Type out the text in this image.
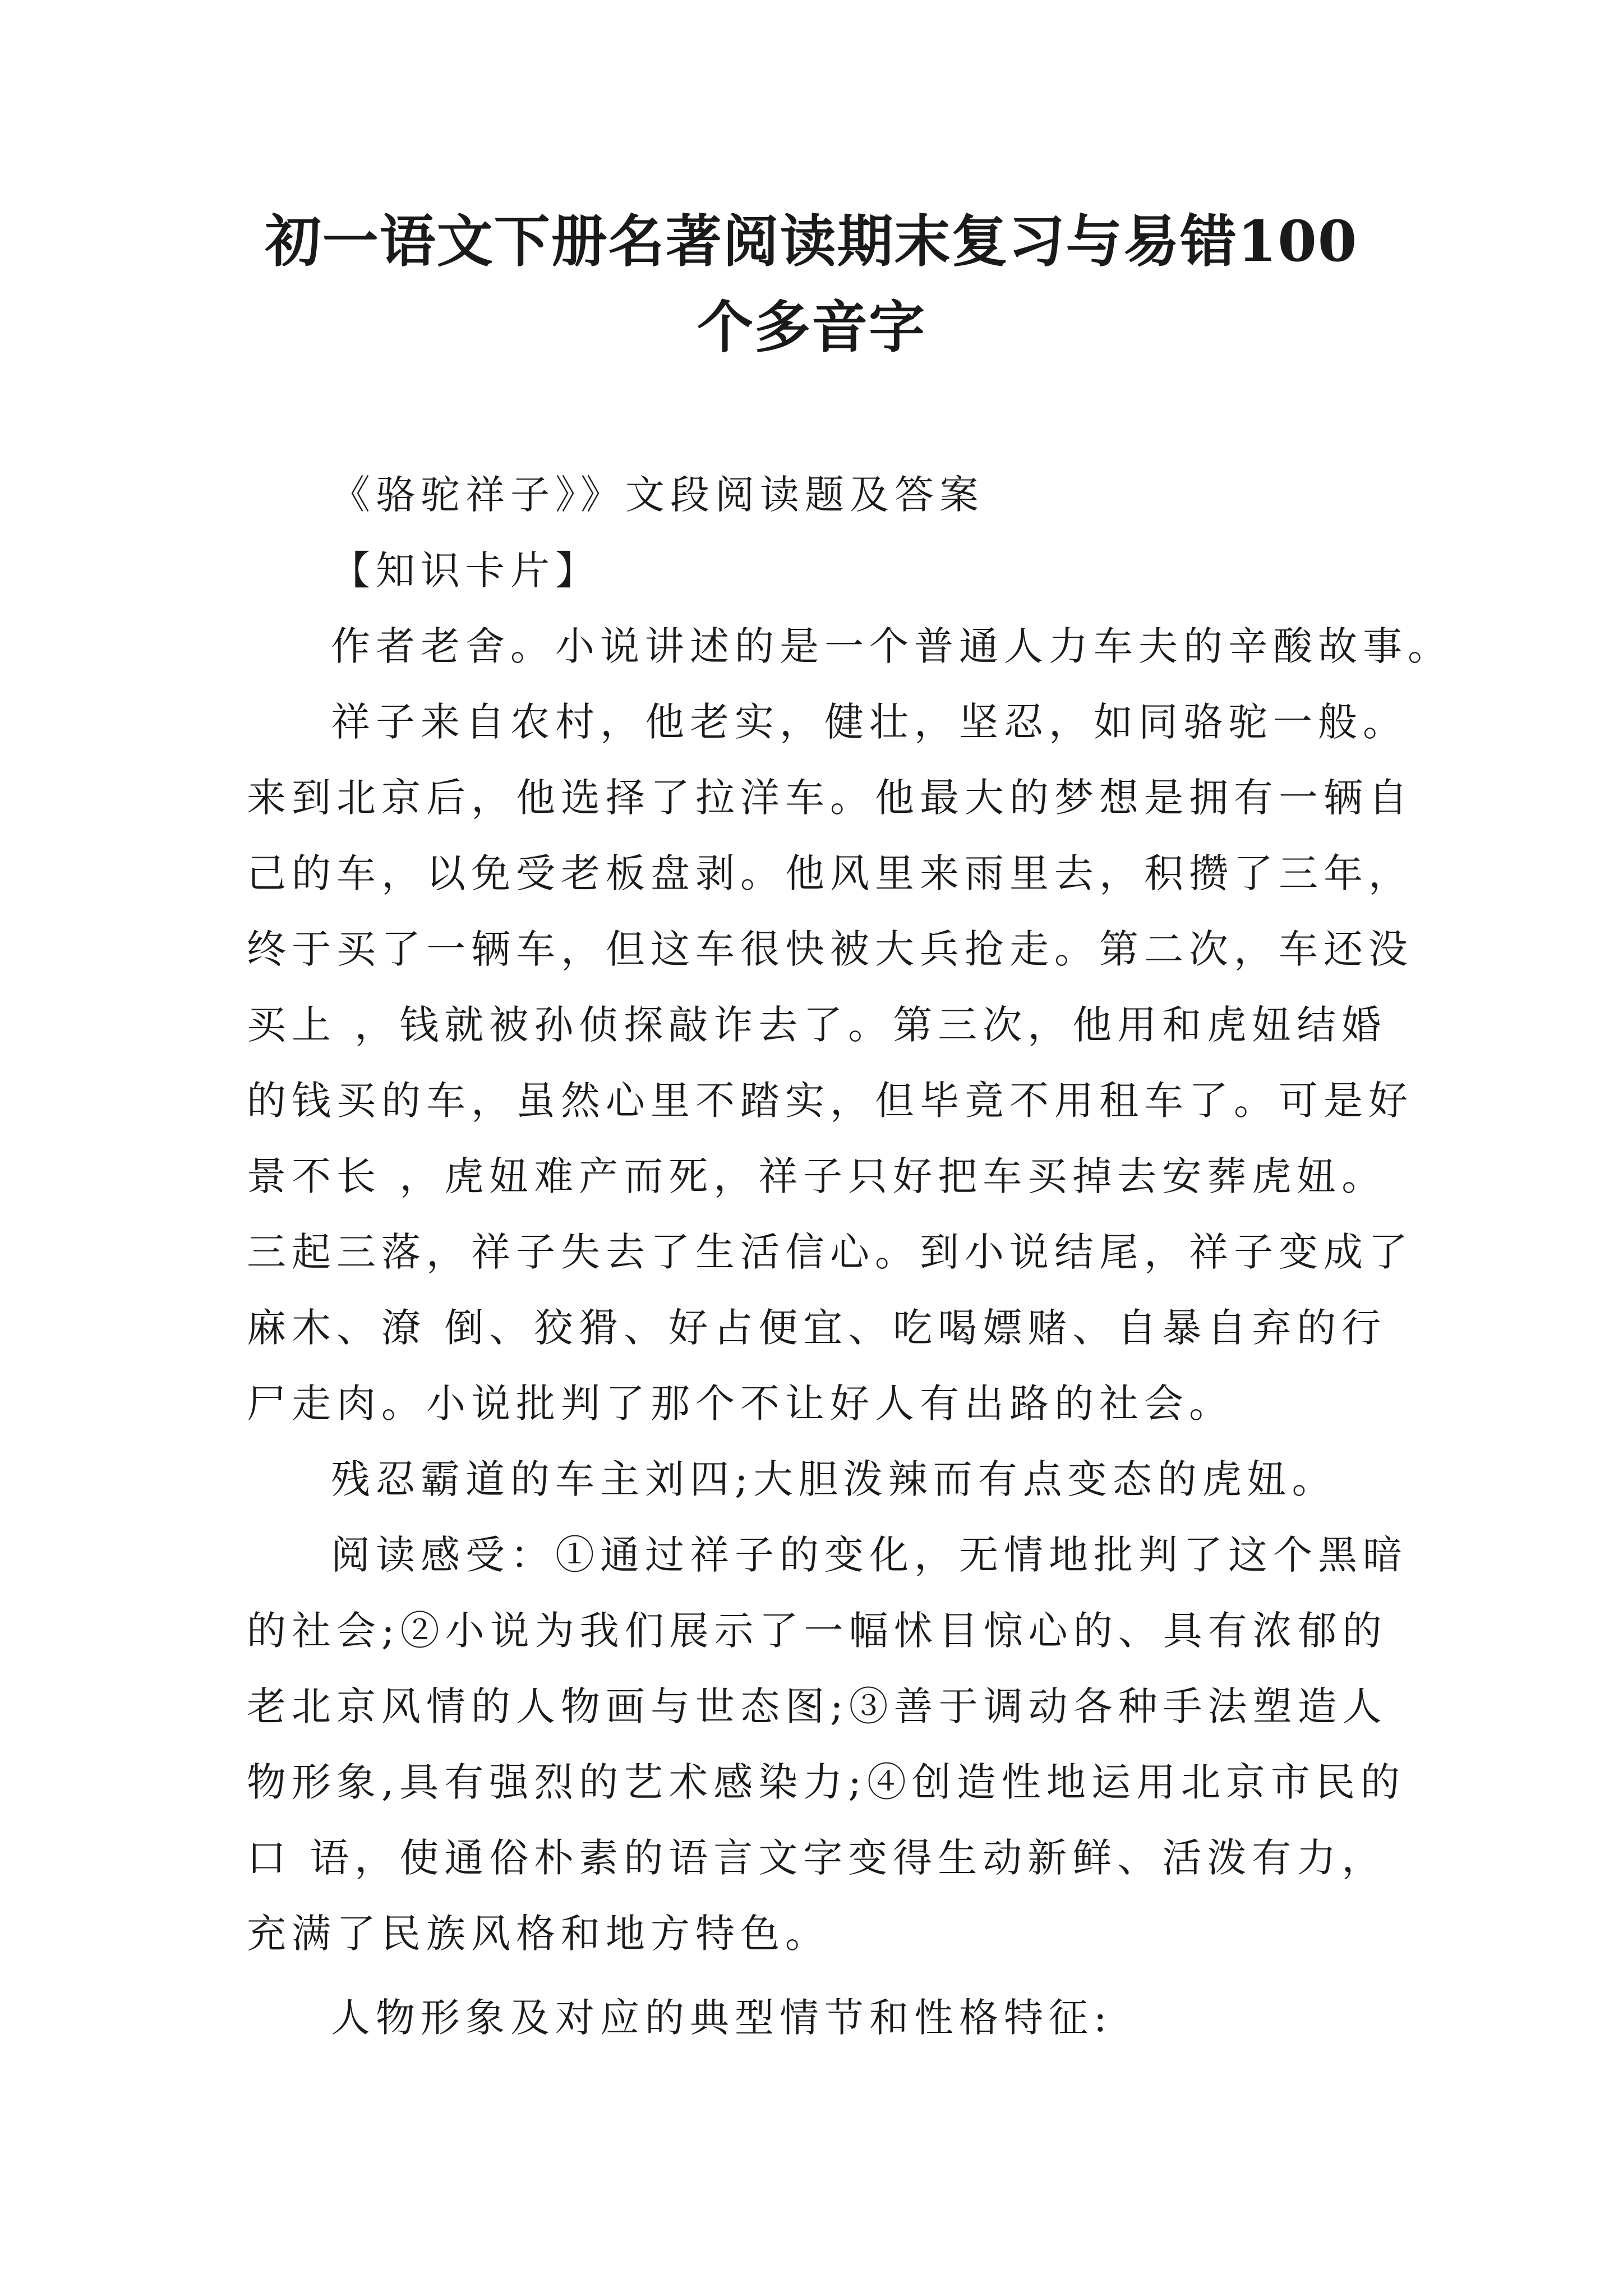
初一语文下册名著阅读期末复习与易错100
个多音字

《骆驼祥子》》文段阅读题及答案

【知识卡片】

作者老舍。小说讲述的是一个普通人力车夫的辛酸故事。

祥子来自农村，他老实，健壮，坚忍，如同骆驼一般。

来到北京后，他选择了拉洋车。他最大的梦想是拥有一辆自

己的车，以免受老板盘剥。他风里来雨里去，积攒了三年，

终于买了一辆车，但这车很快被大兵抢走。第二次，车还没

买上 ，钱就被孙侦探敲诈去了。第三次，他用和虎妞结婚

的钱买的车，虽然心里不踏实，但毕竟不用租车了。可是好

景不长 ，虎妞难产而死，祥子只好把车买掉去安葬虎妞。

三起三落，祥子失去了生活信心。到小说结尾，祥子变成了

麻木、潦 倒、狡猾、好占便宜、吃喝嫖赌、自暴自弃的行

尸走肉。小说批判了那个不让好人有出路的社会。

残忍霸道的车主刘四;大胆泼辣而有点变态的虎妞。

阅读感受：①通过祥子的变化，无情地批判了这个黑暗

的社会;②小说为我们展示了一幅怵目惊心的、具有浓郁的

老北京风情的人物画与世态图;③善于调动各种手法塑造人

物形象,具有强烈的艺术感染力;④创造性地运用北京市民的

口 语，使通俗朴素的语言文字变得生动新鲜、活泼有力，

充满了民族风格和地方特色。

人物形象及对应的典型情节和性格特征:
